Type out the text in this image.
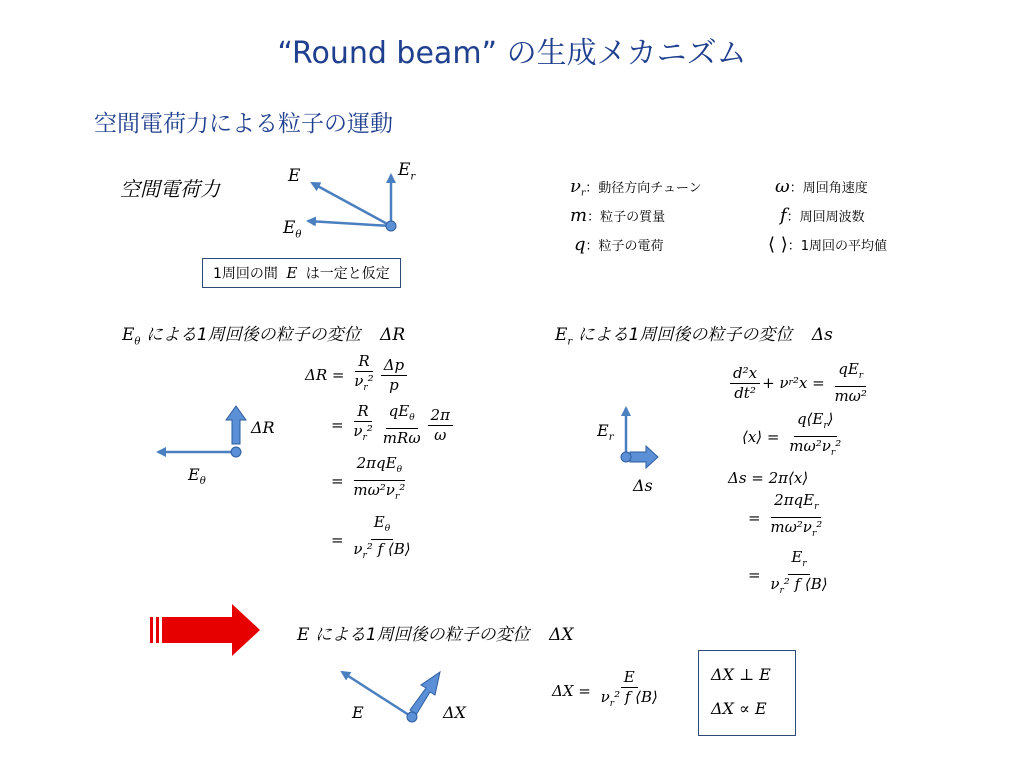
“Round beam” の生成メカニズム
空間電荷力による粒子の運動
空間電荷力
E	$E_r$
$E_\theta$
1周回の間 E は一定と仮定
$\nu_r$：動径方向チューン
m：粒子の質量
q：粒子の電荷
ω：周回角速度
f：周回周波数
⟨ ⟩：1周回の平均値
$E_\theta$ による1周回後の粒子の変位 ΔR	$E_r$ による1周回後の粒子の変位 Δs
ΔR
$E_\theta$
$\Delta R = \frac{R}{\nu_r^2} \frac{\Delta p}{p}$
= $\frac{R}{\nu_r^2} \frac{qE_\theta}{\text{mRω}} \frac{2\pi}{\omega}$
= $\frac{2\pi qE_\theta}{m\omega^2\nu_r^2}$
= $\frac{E_\theta}{\nu_r^2 f ⟨B⟩}$
$E_r$
Δs
$\frac{\text{d²x}}{\text{dt²}} + \nu$ r $^2x = \frac{qE_r}{\text{mω²}}$
⟨x⟩ = $\frac{q⟨E_r⟩}{m\omega^2\nu_r^2}$
Δs = 2π⟨x⟩
= $\frac{2\pi qE_r}{m\omega^2\nu_r^2}$
= $\frac{E_r}{\nu_r^2 f ⟨B⟩}$
E による1周回後の粒子の変位 ΔX
E	ΔX
$\Delta X = \frac{E}{\nu_r^2 f ⟨B⟩}$	ΔX ⊥ E
ΔX ∝ E
